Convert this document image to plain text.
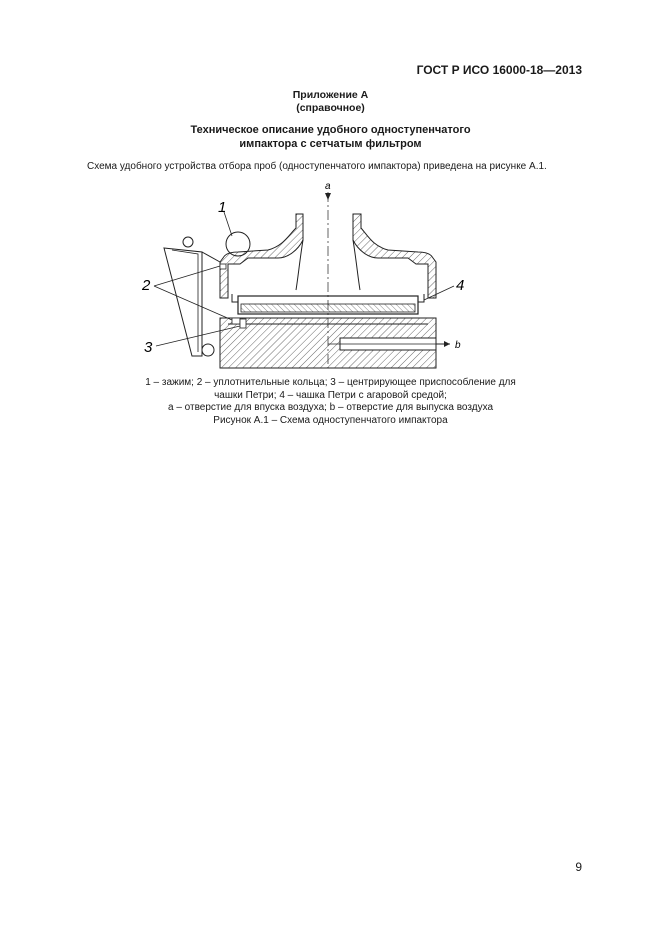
ГОСТ Р ИСО 16000-18—2013
Приложение А
(справочное)
Техническое описание удобного одноступенчатого
импактора с сетчатым фильтром
Схема удобного устройства отбора проб (одноступенчатого импактора) приведена на рисунке А.1.
a
b
1
2
3
4
1 – зажим; 2 – уплотнительные кольца; 3 – центрирующее приспособление для
чашки Петри; 4 – чашка Петри с агаровой средой;
a – отверстие для впуска воздуха; b – отверстие для выпуска воздуха
Рисунок А.1 – Схема одноступенчатого импактора
9
